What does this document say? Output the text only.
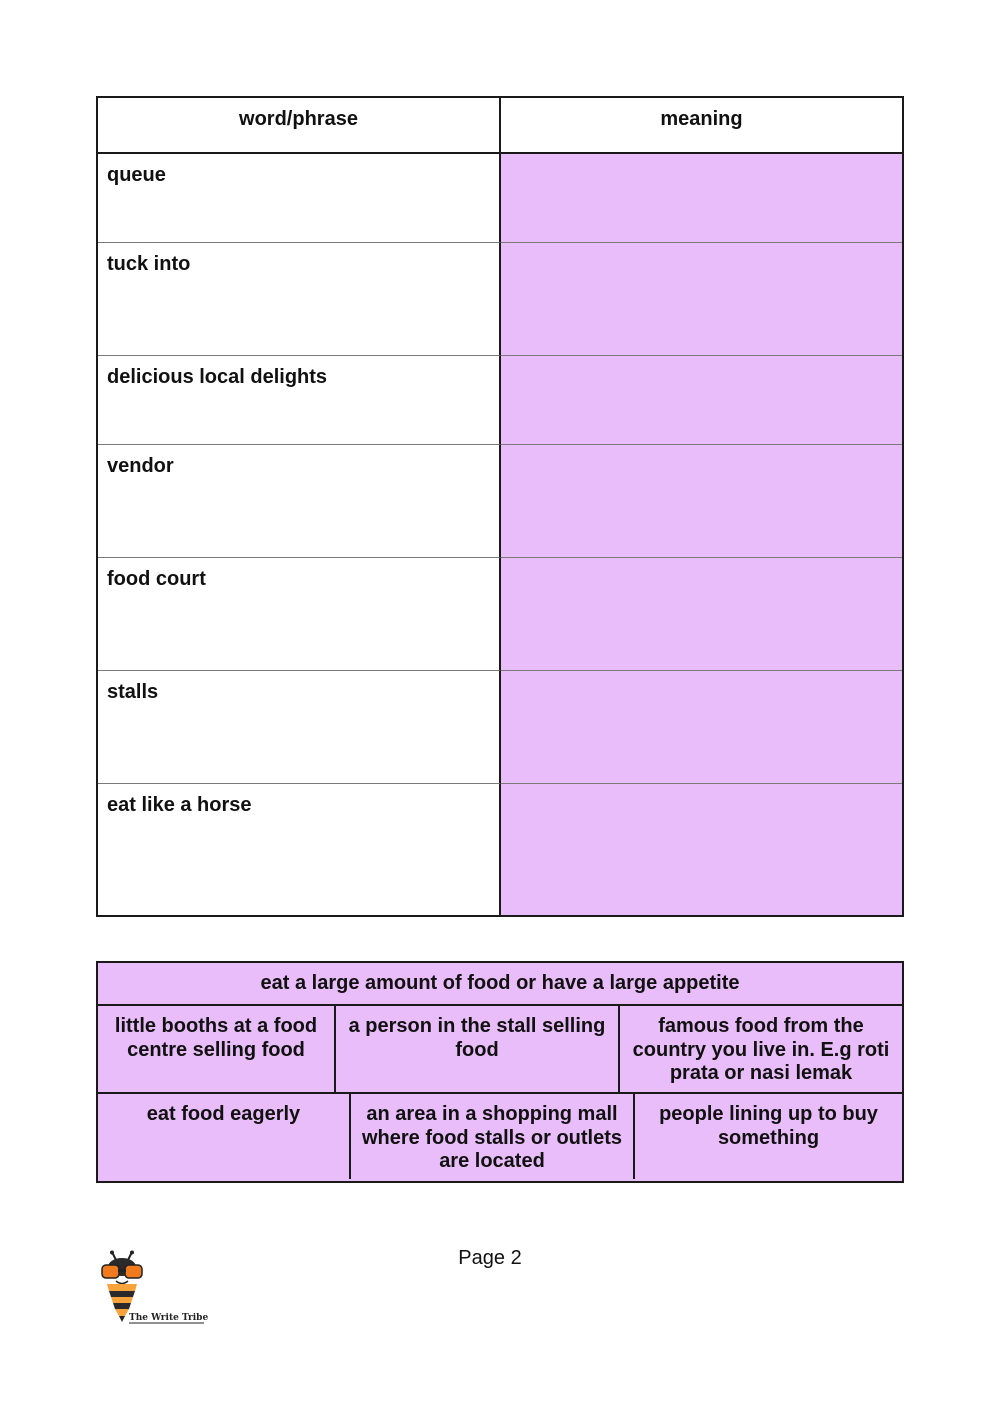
word/phrase	meaning
queue
tuck into
delicious local delights
vendor
food court
stalls
eat like a horse
eat a large amount of food or have a large appetite
little booths at a food centre selling food
a person in the stall selling food
famous food from the country you live in. E.g roti prata or nasi lemak
eat food eagerly	an area in a shopping mall where food stalls or outlets are located
people lining up to buy something
Page 2
The Write Tribe
